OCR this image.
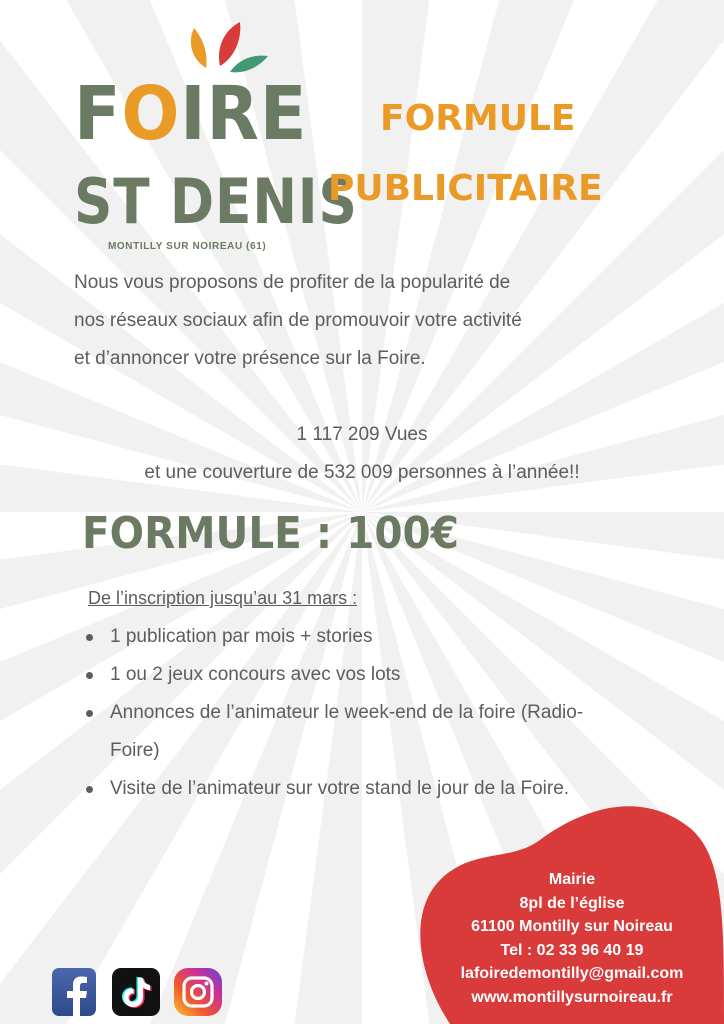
FOIRE
ST DENIS
MONTILLY SUR NOIREAU (61)
FORMULE
PUBLICITAIRE
Nous vous proposons de profiter de la popularité de
nos réseaux sociaux afin de promouvoir votre activité
et d’annoncer votre présence sur la Foire.
1 117 209 Vues
et une couverture de 532 009 personnes à l’année!!
FORMULE : 100€
De l’inscription jusqu’au 31 mars :
1 publication par mois + stories
1 ou 2 jeux concours avec vos lots
Annonces de l’animateur le week-end de la foire (Radio-Foire)
Visite de l’animateur sur votre stand le jour de la Foire.
Mairie
8pl de l’église
61100 Montilly sur Noireau
Tel : 02 33 96 40 19
lafoiredemontilly@gmail.com
www.montillysurnoireau.fr
